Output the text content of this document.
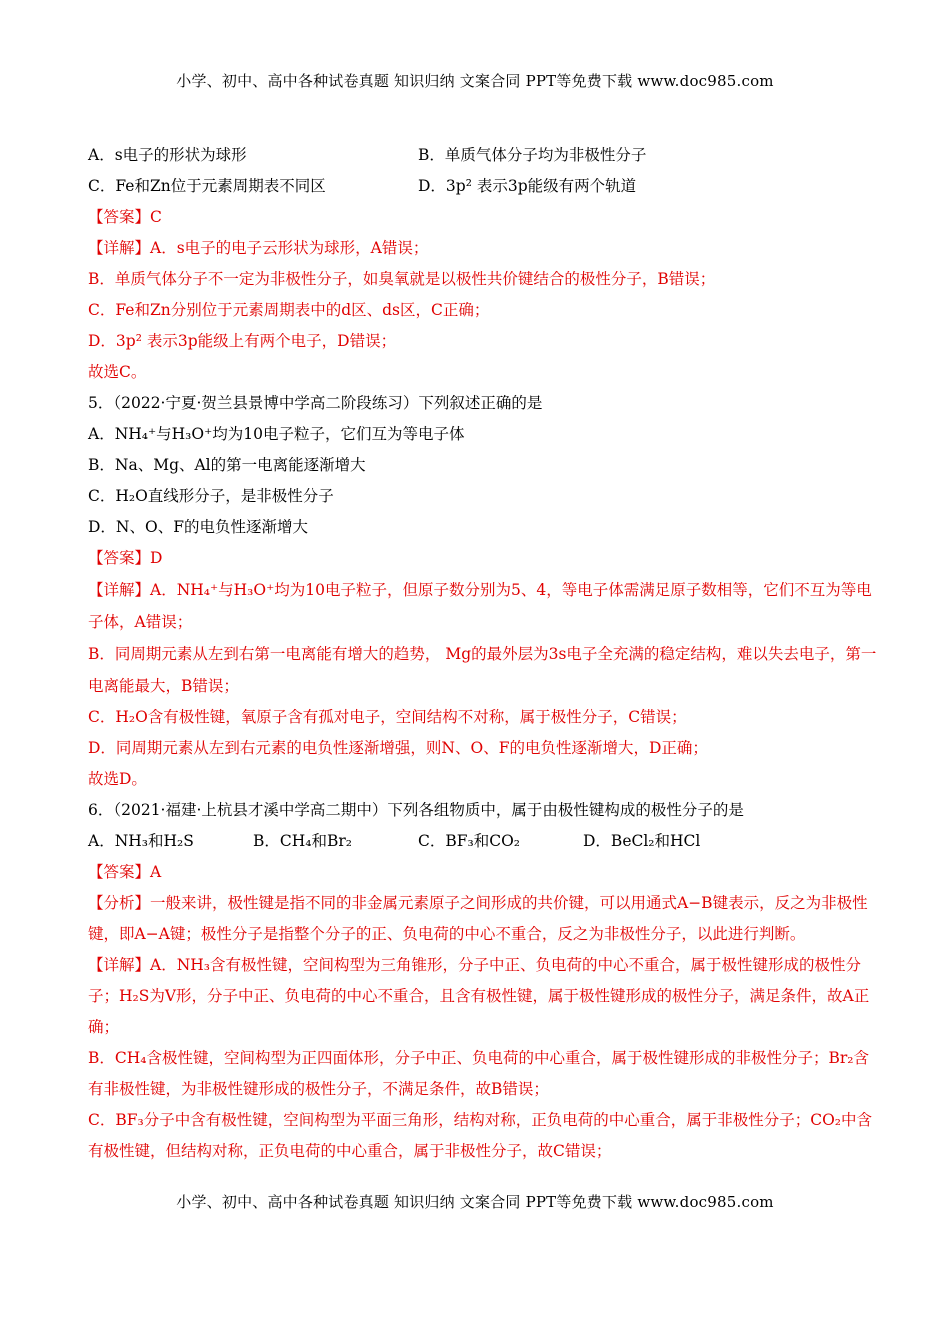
小学、初中、高中各种试卷真题 知识归纳 文案合同 PPT等免费下载 www.doc985.com
A．s电子的形状为球形	B．单质气体分子均为非极性分子
C．Fe和Zn位于元素周期表不同区	D．3p² 表示3p能级有两个轨道
【答案】C
【详解】A．s电子的电子云形状为球形，A错误；
B．单质气体分子不一定为非极性分子，如臭氧就是以极性共价键结合的极性分子，B错误；
C．Fe和Zn分别位于元素周期表中的d区、ds区，C正确；
D．3p² 表示3p能级上有两个电子，D错误；
故选C。
5．（2022·宁夏·贺兰县景博中学高二阶段练习）下列叙述正确的是
A．NH₄⁺与H₃O⁺均为10电子粒子，它们互为等电子体
B．Na、Mg、Al的第一电离能逐渐增大
C．H₂O直线形分子，是非极性分子
D．N、O、F的电负性逐渐增大
【答案】D
【详解】A．NH₄⁺与H₃O⁺均为10电子粒子，但原子数分别为5、4，等电子体需满足原子数相等，它们不互为等电子体，A错误；
B．同周期元素从左到右第一电离能有增大的趋势， Mg的最外层为3s电子全充满的稳定结构，难以失去电子，第一电离能最大，B错误；
C．H₂O含有极性键，氧原子含有孤对电子，空间结构不对称，属于极性分子，C错误；
D．同周期元素从左到右元素的电负性逐渐增强，则N、O、F的电负性逐渐增大，D正确；
故选D。
6．（2021·福建·上杭县才溪中学高二期中）下列各组物质中，属于由极性键构成的极性分子的是
A．NH₃和H₂S	B．CH₄和Br₂	C．BF₃和CO₂	D．BeCl₂和HCl
【答案】A
【分析】一般来讲，极性键是指不同的非金属元素原子之间形成的共价键，可以用通式A−B键表示，反之为非极性键，即A−A键；极性分子是指整个分子的正、负电荷的中心不重合，反之为非极性分子，以此进行判断。
【详解】A．NH₃含有极性键，空间构型为三角锥形，分子中正、负电荷的中心不重合，属于极性键形成的极性分子；H₂S为V形，分子中正、负电荷的中心不重合，且含有极性键，属于极性键形成的极性分子，满足条件，故A正确；
B．CH₄含极性键，空间构型为正四面体形，分子中正、负电荷的中心重合，属于极性键形成的非极性分子；Br₂含有非极性键，为非极性键形成的极性分子，不满足条件，故B错误；
C．BF₃分子中含有极性键，空间构型为平面三角形，结构对称，正负电荷的中心重合，属于非极性分子；CO₂中含有极性键，但结构对称，正负电荷的中心重合，属于非极性分子，故C错误；
小学、初中、高中各种试卷真题 知识归纳 文案合同 PPT等免费下载 www.doc985.com
